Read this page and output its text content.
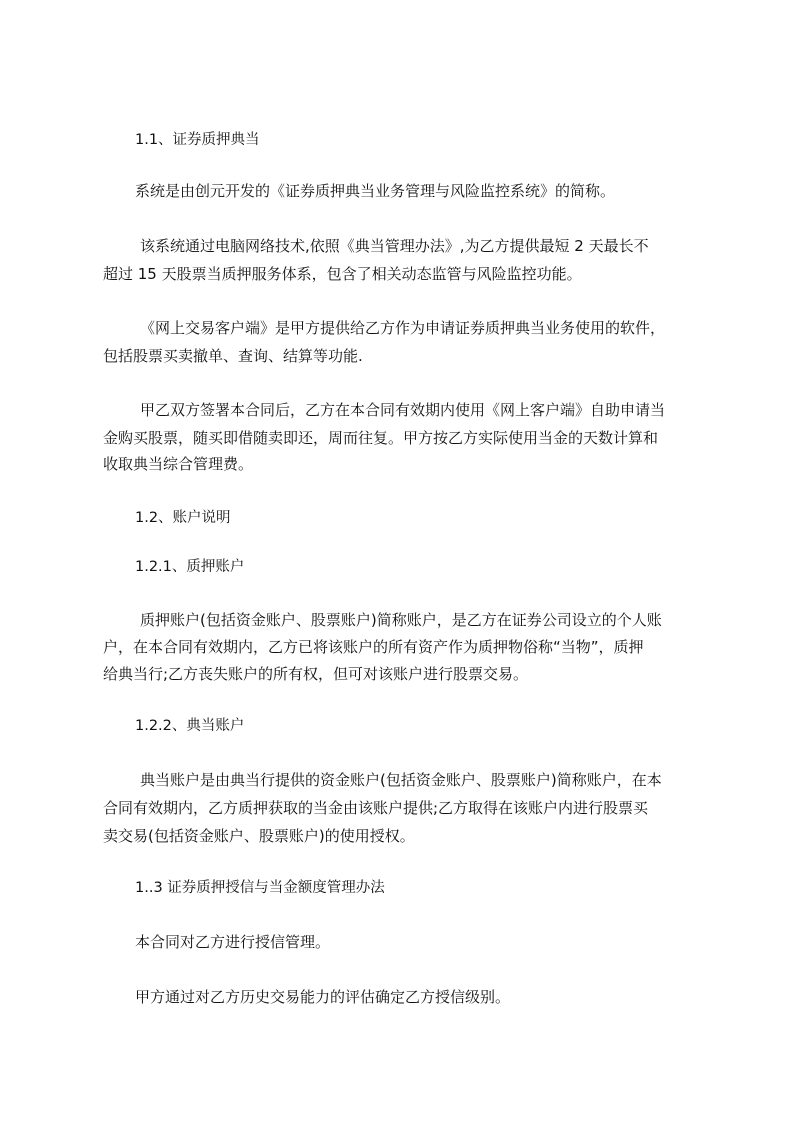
1.1、证券质押典当

系统是由创元开发的《证券质押典当业务管理与风险监控系统》的简称。

该系统通过电脑网络技术,依照《典当管理办法》,为乙方提供最短 2 天最长不

超过 15 天股票当质押服务体系，包含了相关动态监管与风险监控功能。

《网上交易客户端》是甲方提供给乙方作为申请证券质押典当业务使用的软件，

包括股票买卖撤单、查询、结算等功能.

甲乙双方签署本合同后，乙方在本合同有效期内使用《网上客户端》自助申请当

金购买股票，随买即借随卖即还，周而往复。甲方按乙方实际使用当金的天数计算和

收取典当综合管理费。

1.2、账户说明

1.2.1、质押账户

质押账户(包括资金账户、股票账户)简称账户，是乙方在证券公司设立的个人账

户，在本合同有效期内，乙方已将该账户的所有资产作为质押物俗称“当物”，质押

给典当行;乙方丧失账户的所有权，但可对该账户进行股票交易。

1.2.2、典当账户

典当账户是由典当行提供的资金账户(包括资金账户、股票账户)简称账户，在本

合同有效期内，乙方质押获取的当金由该账户提供;乙方取得在该账户内进行股票买

卖交易(包括资金账户、股票账户)的使用授权。

1..3 证券质押授信与当金额度管理办法

本合同对乙方进行授信管理。

甲方通过对乙方历史交易能力的评估确定乙方授信级别。
